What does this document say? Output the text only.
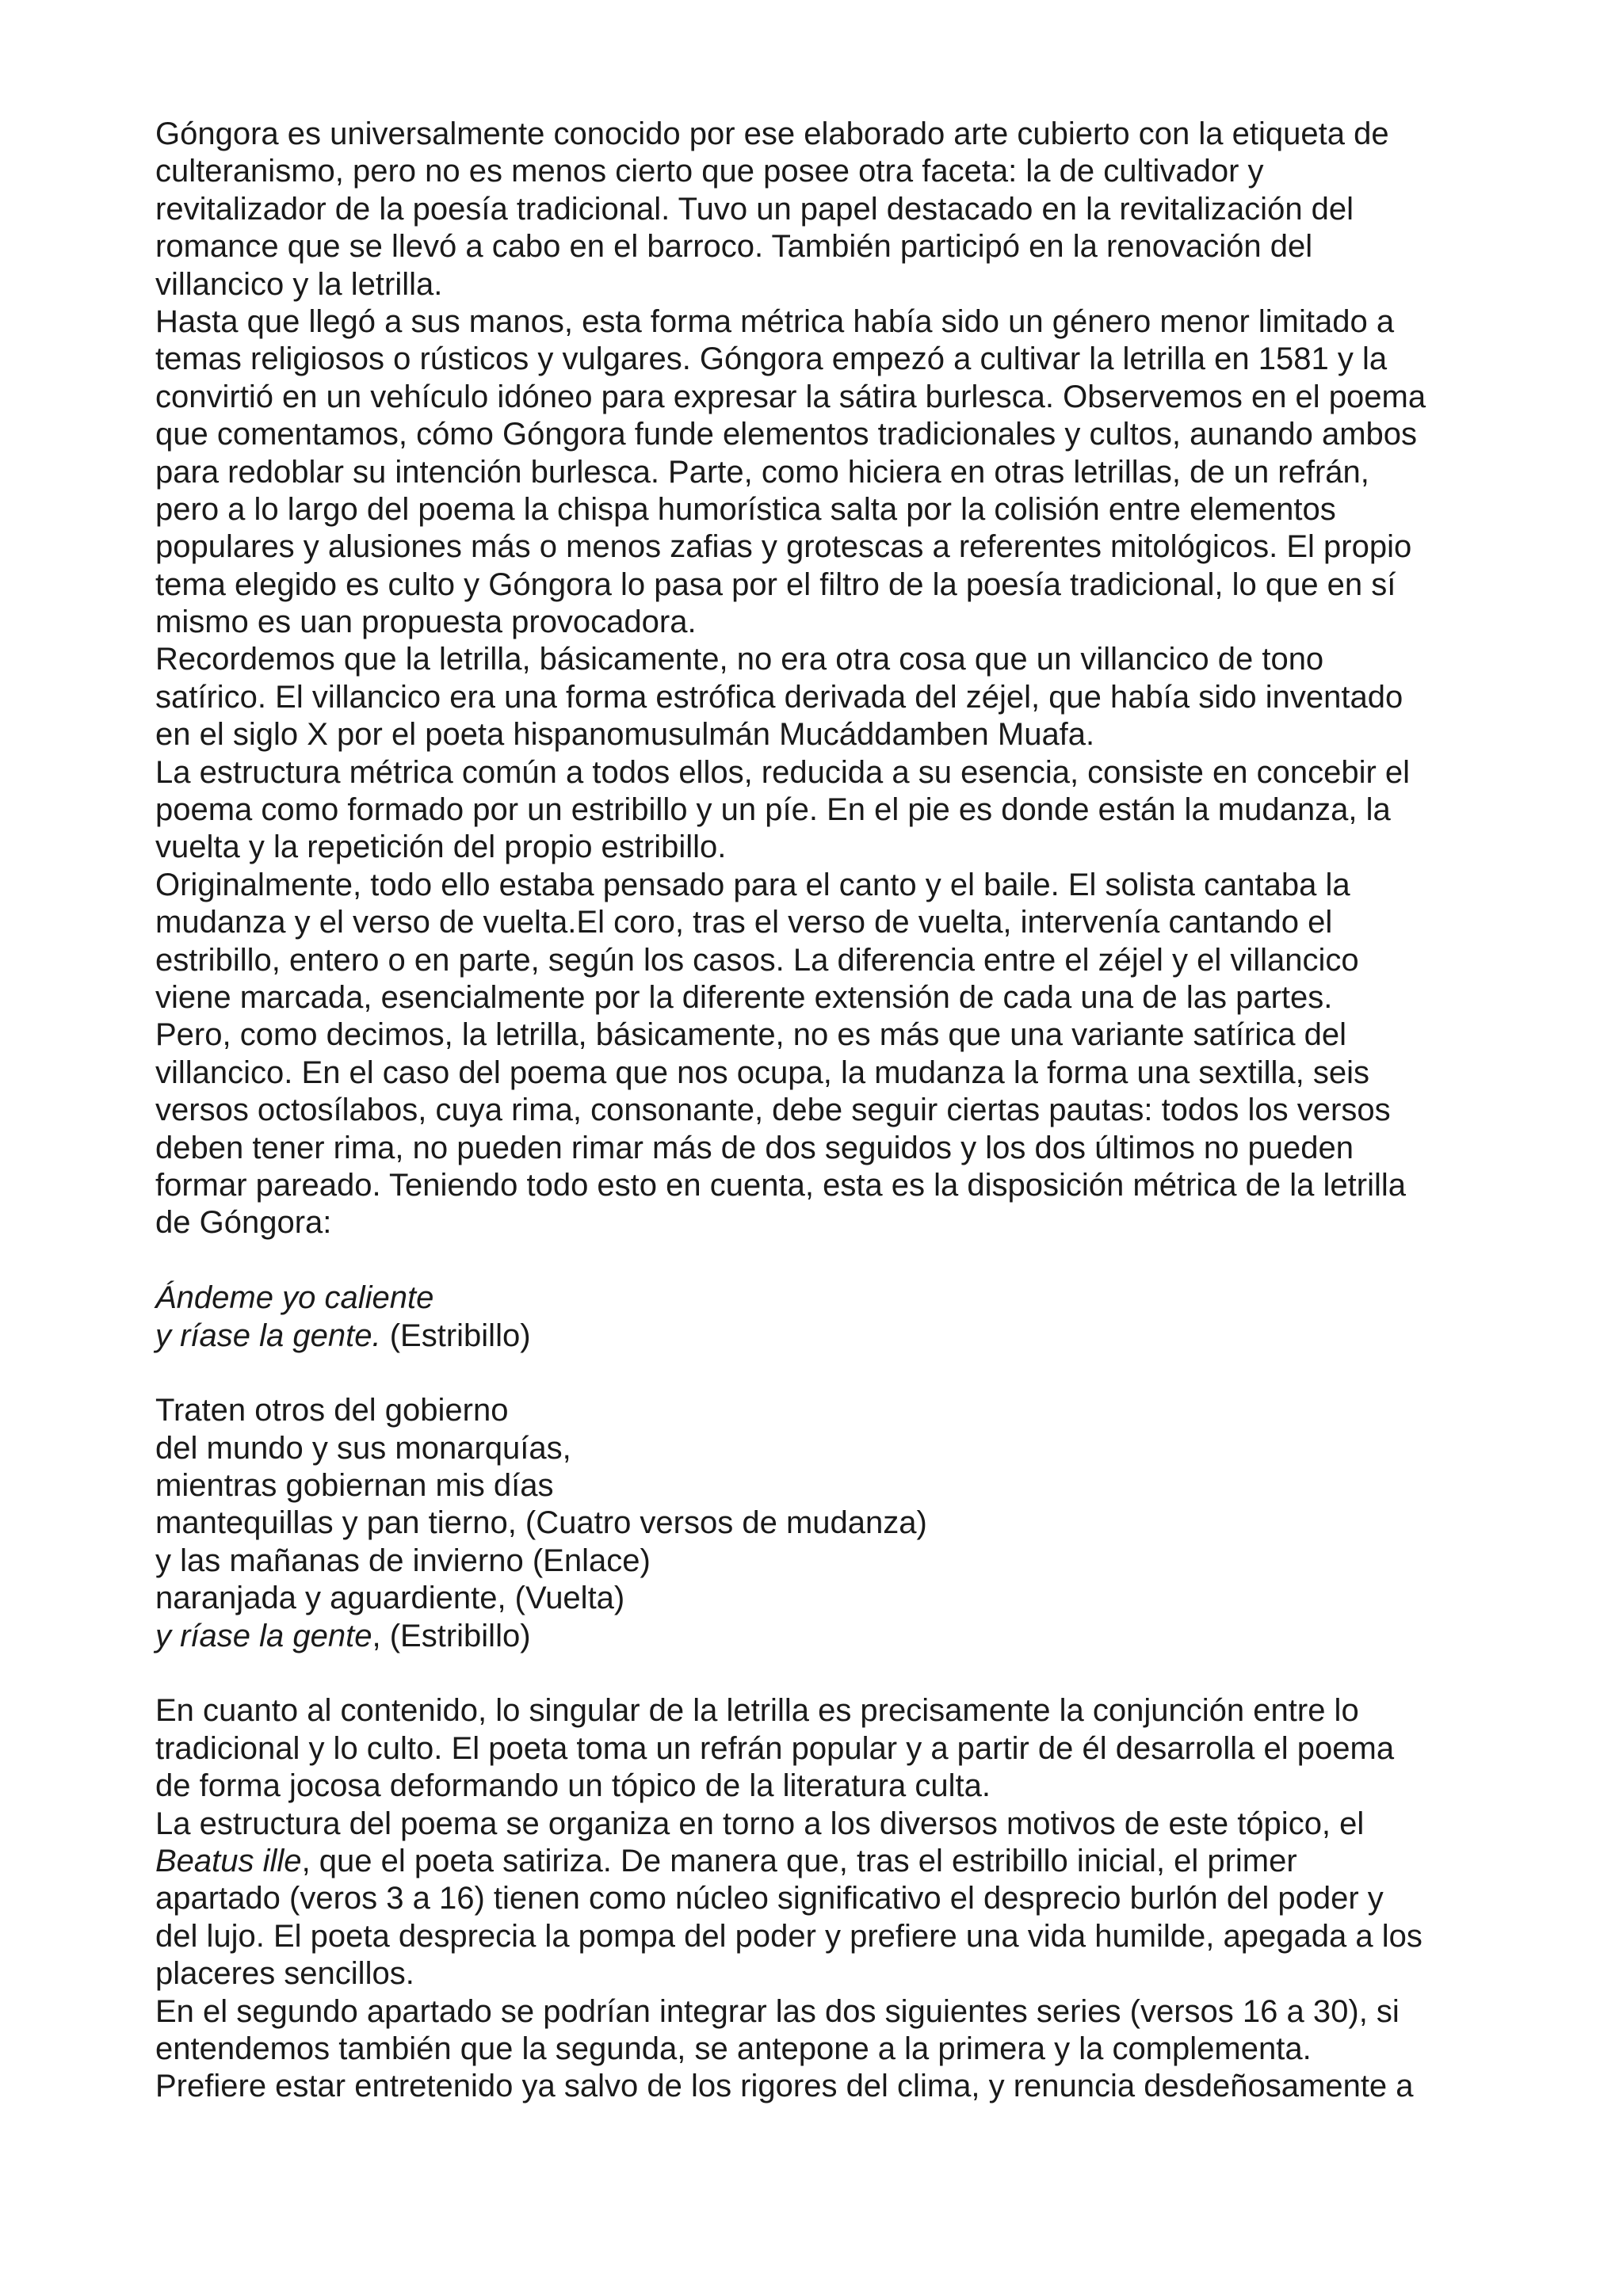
Góngora es universalmente conocido por ese elaborado arte cubierto con la etiqueta de
culteranismo, pero no es menos cierto que posee otra faceta: la de cultivador y
revitalizador de la poesía tradicional. Tuvo un papel destacado en la revitalización del
romance que se llevó a cabo en el barroco. También participó en la renovación del
villancico y la letrilla.
Hasta que llegó a sus manos, esta forma métrica había sido un género menor limitado a
temas religiosos o rústicos y vulgares. Góngora empezó a cultivar la letrilla en 1581 y la
convirtió en un vehículo idóneo para expresar la sátira burlesca. Observemos en el poema
que comentamos, cómo Góngora funde elementos tradicionales y cultos, aunando ambos
para redoblar su intención burlesca. Parte, como hiciera en otras letrillas, de un refrán,
pero a lo largo del poema la chispa humorística salta por la colisión entre elementos
populares y alusiones más o menos zafias y grotescas a referentes mitológicos. El propio
tema elegido es culto y Góngora lo pasa por el filtro de la poesía tradicional, lo que en sí
mismo es uan propuesta provocadora.
Recordemos que la letrilla, básicamente, no era otra cosa que un villancico de tono
satírico. El villancico era una forma estrófica derivada del zéjel, que había sido inventado
en el siglo X por el poeta hispanomusulmán Mucáddamben Muafa.
La estructura métrica común a todos ellos, reducida a su esencia, consiste en concebir el
poema como formado por un estribillo y un píe. En el pie es donde están la mudanza, la
vuelta y la repetición del propio estribillo.
Originalmente, todo ello estaba pensado para el canto y el baile. El solista cantaba la
mudanza y el verso de vuelta.El coro, tras el verso de vuelta, intervenía cantando el
estribillo, entero o en parte, según los casos. La diferencia entre el zéjel y el villancico
viene marcada, esencialmente por la diferente extensión de cada una de las partes.
Pero, como decimos, la letrilla, básicamente, no es más que una variante satírica del
villancico. En el caso del poema que nos ocupa, la mudanza la forma una sextilla, seis
versos octosílabos, cuya rima, consonante, debe seguir ciertas pautas: todos los versos
deben tener rima, no pueden rimar más de dos seguidos y los dos últimos no pueden
formar pareado. Teniendo todo esto en cuenta, esta es la disposición métrica de la letrilla
de Góngora:
Ándeme yo caliente
y ríase la gente. (Estribillo)
Traten otros del gobierno
del mundo y sus monarquías,
mientras gobiernan mis días
mantequillas y pan tierno, (Cuatro versos de mudanza)
y las mañanas de invierno (Enlace)
naranjada y aguardiente, (Vuelta)
y ríase la gente, (Estribillo)
En cuanto al contenido, lo singular de la letrilla es precisamente la conjunción entre lo
tradicional y lo culto. El poeta toma un refrán popular y a partir de él desarrolla el poema
de forma jocosa deformando un tópico de la literatura culta.
La estructura del poema se organiza en torno a los diversos motivos de este tópico, el
Beatus ille, que el poeta satiriza. De manera que, tras el estribillo inicial, el primer
apartado (veros 3 a 16) tienen como núcleo significativo el desprecio burlón del poder y
del lujo. El poeta desprecia la pompa del poder y prefiere una vida humilde, apegada a los
placeres sencillos.
En el segundo apartado se podrían integrar las dos siguientes series (versos 16 a 30), si
entendemos también que la segunda, se antepone a la primera y la complementa.
Prefiere estar entretenido ya salvo de los rigores del clima, y renuncia desdeñosamente a
